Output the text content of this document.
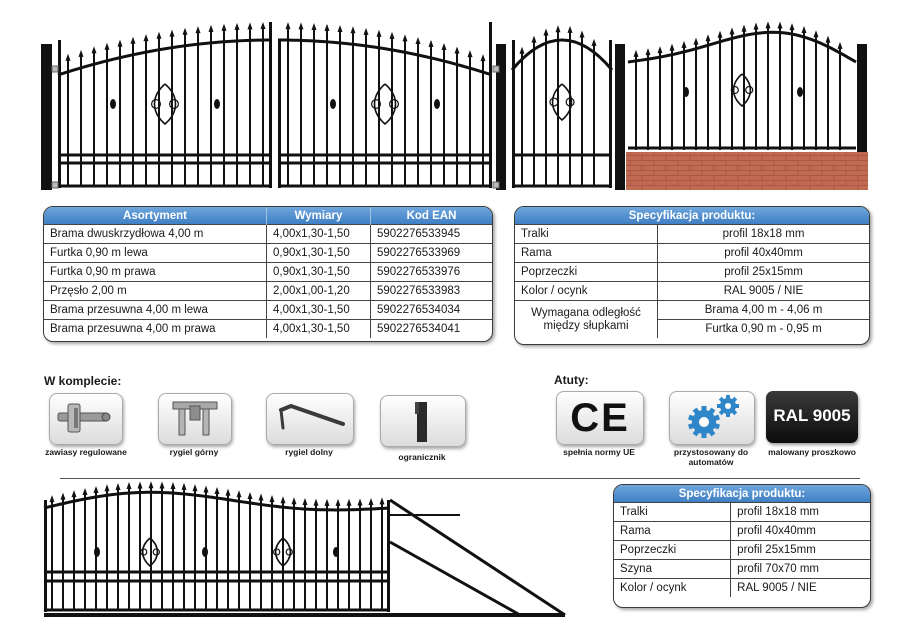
Asortyment	Wymiary	Kod EAN
Brama dwuskrzydłowa 4,00 m	4,00x1,30-1,50	5902276533945
Furtka 0,90 m lewa	0,90x1,30-1,50	5902276533969
Furtka 0,90 m prawa	0,90x1,30-1,50	5902276533976
Przęsło 2,00 m	2,00x1,00-1,20	5902276533983
Brama przesuwna 4,00 m lewa	4,00x1,30-1,50	5902276534034
Brama przesuwna 4,00 m prawa	4,00x1,30-1,50	5902276534041
Specyfikacja produktu:	
Tralki	profil 18x18 mm
Rama	profil 40x40mm
Poprzeczki	profil 25x15mm
Kolor / ocynk	RAL 9005 / NIE
Wymagana odległość między słupkami	Brama 4,00 m - 4,06 m
	Furtka 0,90 m - 0,95 m
W komplecie:
zawiasy regulowane	rygiel górny	rygiel dolny	ogranicznik
Atuty:
CE
spełnia normy UE	przystosowany do automatów
RAL 9005
malowany proszkowo
Specyfikacja produktu:	
Tralki	profil 18x18 mm
Rama	profil 40x40mm
Poprzeczki	profil 25x15mm
Szyna	profil 70x70 mm
Kolor / ocynk	RAL 9005 / NIE
